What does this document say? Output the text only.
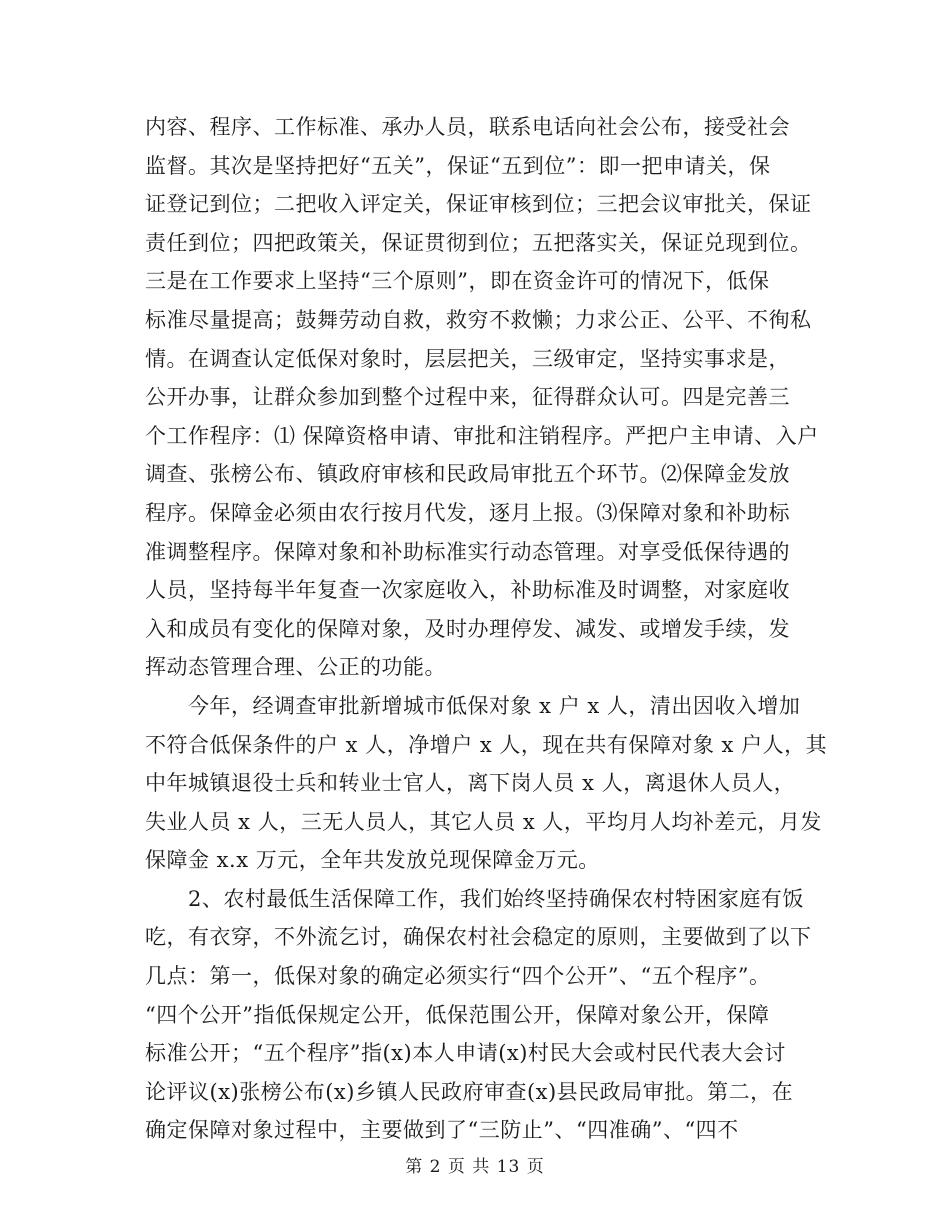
内容、程序、工作标准、承办人员，联系电话向社会公布，接受社会
监督。其次是坚持把好“五关”，保证“五到位”：即一把申请关，保
证登记到位；二把收入评定关，保证审核到位；三把会议审批关，保证
责任到位；四把政策关，保证贯彻到位；五把落实关，保证兑现到位。
三是在工作要求上坚持“三个原则”，即在资金许可的情况下，低保
标准尽量提高；鼓舞劳动自救，救穷不救懒；力求公正、公平、不徇私
情。在调查认定低保对象时，层层把关，三级审定，坚持实事求是，
公开办事，让群众参加到整个过程中来，征得群众认可。四是完善三
个工作程序：⑴ 保障资格申请、审批和注销程序。严把户主申请、入户
调查、张榜公布、镇政府审核和民政局审批五个环节。⑵保障金发放
程序。保障金必须由农行按月代发，逐月上报。⑶保障对象和补助标
准调整程序。保障对象和补助标准实行动态管理。对享受低保待遇的
人员，坚持每半年复查一次家庭收入，补助标准及时调整，对家庭收
入和成员有变化的保障对象，及时办理停发、减发、或增发手续，发
挥动态管理合理、公正的功能。
　　今年，经调查审批新增城市低保对象 x 户 x 人，清出因收入增加
不符合低保条件的户 x 人，净增户 x 人，现在共有保障对象 x 户人，其
中年城镇退役士兵和转业士官人，离下岗人员 x 人，离退休人员人，
失业人员 x 人，三无人员人，其它人员 x 人，平均月人均补差元，月发
保障金 x.x 万元，全年共发放兑现保障金万元。
　　2、农村最低生活保障工作，我们始终坚持确保农村特困家庭有饭
吃，有衣穿，不外流乞讨，确保农村社会稳定的原则，主要做到了以下
几点：第一，低保对象的确定必须实行“四个公开”、“五个程序”。
“四个公开”指低保规定公开，低保范围公开，保障对象公开，保障
标准公开；“五个程序”指(x)本人申请(x)村民大会或村民代表大会讨
论评议(x)张榜公布(x)乡镇人民政府审查(x)县民政局审批。第二，在
确定保障对象过程中，主要做到了“三防止”、“四准确”、“四不
第 2 页 共 13 页
